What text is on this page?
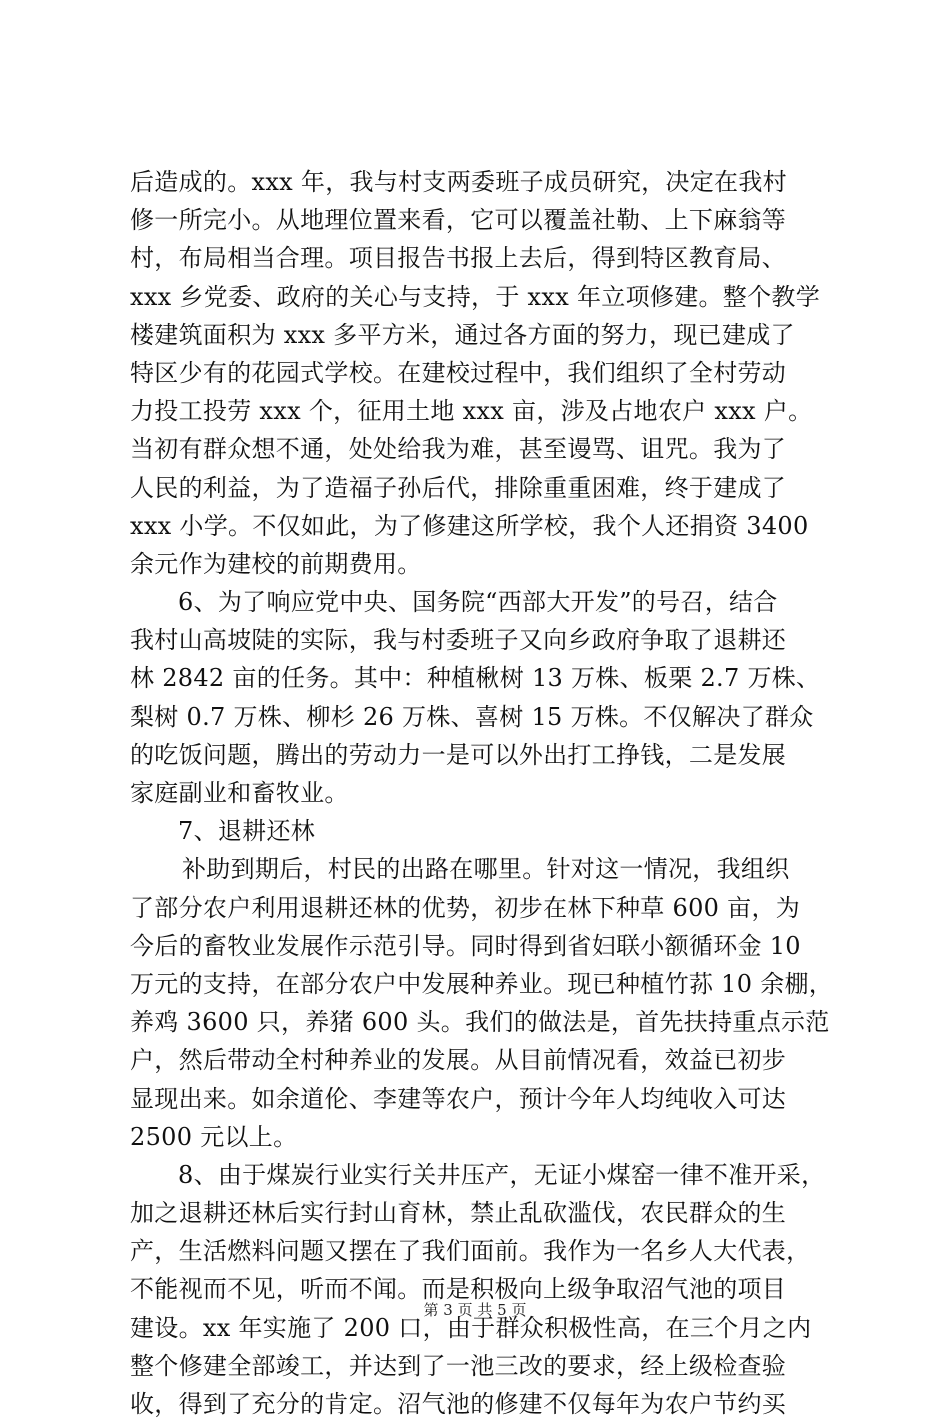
后造成的。xxx 年，我与村支两委班子成员研究，决定在我村
修一所完小。从地理位置来看，它可以覆盖社勒、上下麻翁等
村，布局相当合理。项目报告书报上去后，得到特区教育局、
xxx 乡党委、政府的关心与支持，于 xxx 年立项修建。整个教学
楼建筑面积为 xxx 多平方米，通过各方面的努力，现已建成了
特区少有的花园式学校。在建校过程中，我们组织了全村劳动
力投工投劳 xxx 个，征用土地 xxx 亩，涉及占地农户 xxx 户。
当初有群众想不通，处处给我为难，甚至谩骂、诅咒。我为了
人民的利益，为了造福子孙后代，排除重重困难，终于建成了
xxx 小学。不仅如此，为了修建这所学校，我个人还捐资 3400
余元作为建校的前期费用。
6、为了响应党中央、国务院“西部大开发”的号召，结合
我村山高坡陡的实际，我与村委班子又向乡政府争取了退耕还
林 2842 亩的任务。其中：种植楸树 13 万株、板栗 2.7 万株、
梨树 0.7 万株、柳杉 26 万株、喜树 15 万株。不仅解决了群众
的吃饭问题，腾出的劳动力一是可以外出打工挣钱，二是发展
家庭副业和畜牧业。
7、退耕还林
补助到期后，村民的出路在哪里。针对这一情况，我组织
了部分农户利用退耕还林的优势，初步在林下种草 600 亩，为
今后的畜牧业发展作示范引导。同时得到省妇联小额循环金 10
万元的支持，在部分农户中发展种养业。现已种植竹荪 10 余棚，
养鸡 3600 只，养猪 600 头。我们的做法是，首先扶持重点示范
户，然后带动全村种养业的发展。从目前情况看，效益已初步
显现出来。如余道伦、李建等农户，预计今年人均纯收入可达
2500 元以上。
8、由于煤炭行业实行关井压产，无证小煤窑一律不准开采，
加之退耕还林后实行封山育林，禁止乱砍滥伐，农民群众的生
产，生活燃料问题又摆在了我们面前。我作为一名乡人大代表，
不能视而不见，听而不闻。而是积极向上级争取沼气池的项目
建设。xx 年实施了 200 口，由于群众积极性高，在三个月之内
整个修建全部竣工，并达到了一池三改的要求，经上级检查验
收，得到了充分的肯定。沼气池的修建不仅每年为农户节约买
第 3 页 共 5 页
